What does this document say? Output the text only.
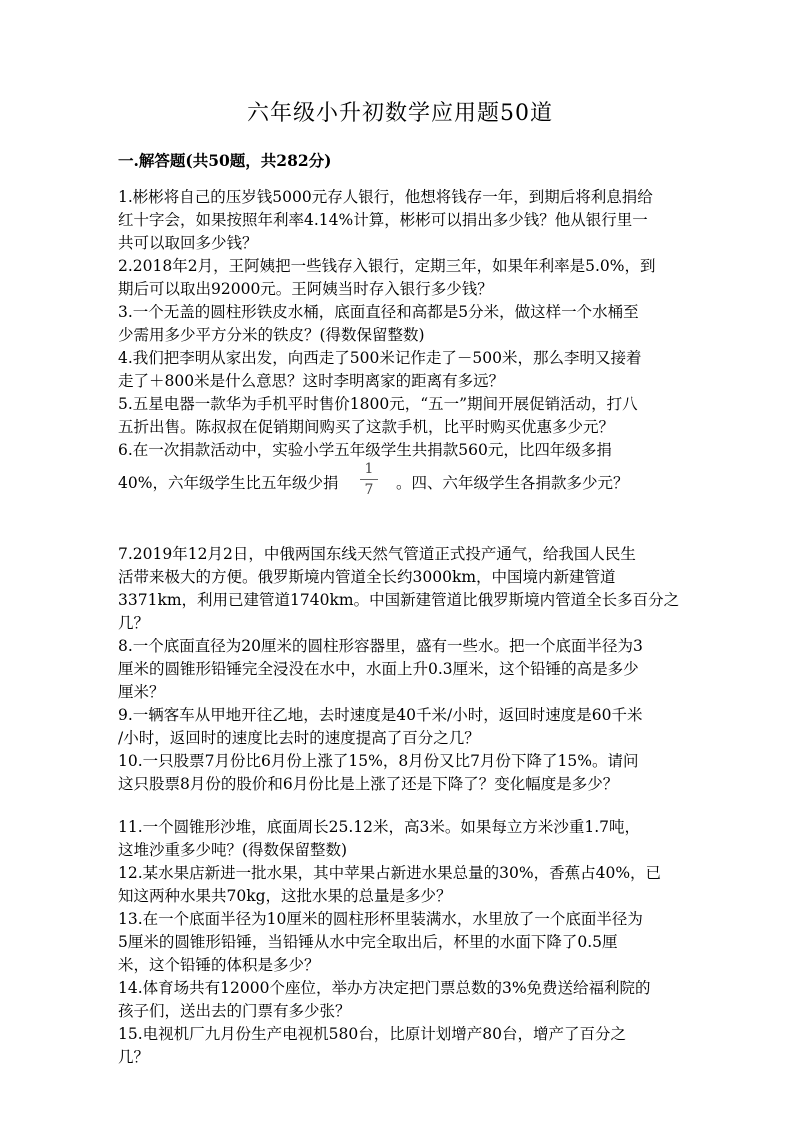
六年级小升初数学应用题50道
一.解答题(共50题，共282分)
1.彬彬将自己的压岁钱5000元存人银行，他想将钱存一年，到期后将利息捐给
红十字会，如果按照年利率4.14%计算，彬彬可以捐出多少钱？他从银行里一
共可以取回多少钱？
2.2018年2月，王阿姨把一些钱存入银行，定期三年，如果年利率是5.0%，到
期后可以取出92000元。王阿姨当时存入银行多少钱？
3.一个无盖的圆柱形铁皮水桶，底面直径和高都是5分米，做这样一个水桶至
少需用多少平方分米的铁皮？(得数保留整数)
4.我们把李明从家出发，向西走了500米记作走了－500米，那么李明又接着
走了＋800米是什么意思？这时李明离家的距离有多远？
5.五星电器一款华为手机平时售价1800元，“五一”期间开展促销活动，打八
五折出售。陈叔叔在促销期间购买了这款手机，比平时购买优惠多少元？
6.在一次捐款活动中，实验小学五年级学生共捐款560元，比四年级多捐
40%，六年级学生比五年级少捐
1
7 。四、六年级学生各捐款多少元？
7.2019年12月2日，中俄两国东线天然气管道正式投产通气，给我国人民生
活带来极大的方便。俄罗斯境内管道全长约3000km，中国境内新建管道
3371km，利用已建管道1740km。中国新建管道比俄罗斯境内管道全长多百分之
几？
8.一个底面直径为20厘米的圆柱形容器里，盛有一些水。把一个底面半径为3
厘米的圆锥形铅锤完全浸没在水中，水面上升0.3厘米，这个铅锤的高是多少
厘米？
9.一辆客车从甲地开往乙地，去时速度是40千米/小时，返回时速度是60千米
/小时，返回时的速度比去时的速度提高了百分之几？
10.一只股票7月份比6月份上涨了15%，8月份又比7月份下降了15%。请问
这只股票8月份的股价和6月份比是上涨了还是下降了？变化幅度是多少？
11.一个圆锥形沙堆，底面周长25.12米，高3米。如果每立方米沙重1.7吨，
这堆沙重多少吨？(得数保留整数)
12.某水果店新进一批水果，其中苹果占新进水果总量的30%，香蕉占40%，已
知这两种水果共70kg，这批水果的总量是多少？
13.在一个底面半径为10厘米的圆柱形杯里装满水，水里放了一个底面半径为
5厘米的圆锥形铅锤，当铅锤从水中完全取出后，杯里的水面下降了0.5厘
米，这个铅锤的体积是多少？
14.体育场共有12000个座位，举办方决定把门票总数的3%免费送给福利院的
孩子们，送出去的门票有多少张？
15.电视机厂九月份生产电视机580台，比原计划增产80台，增产了百分之
几？
